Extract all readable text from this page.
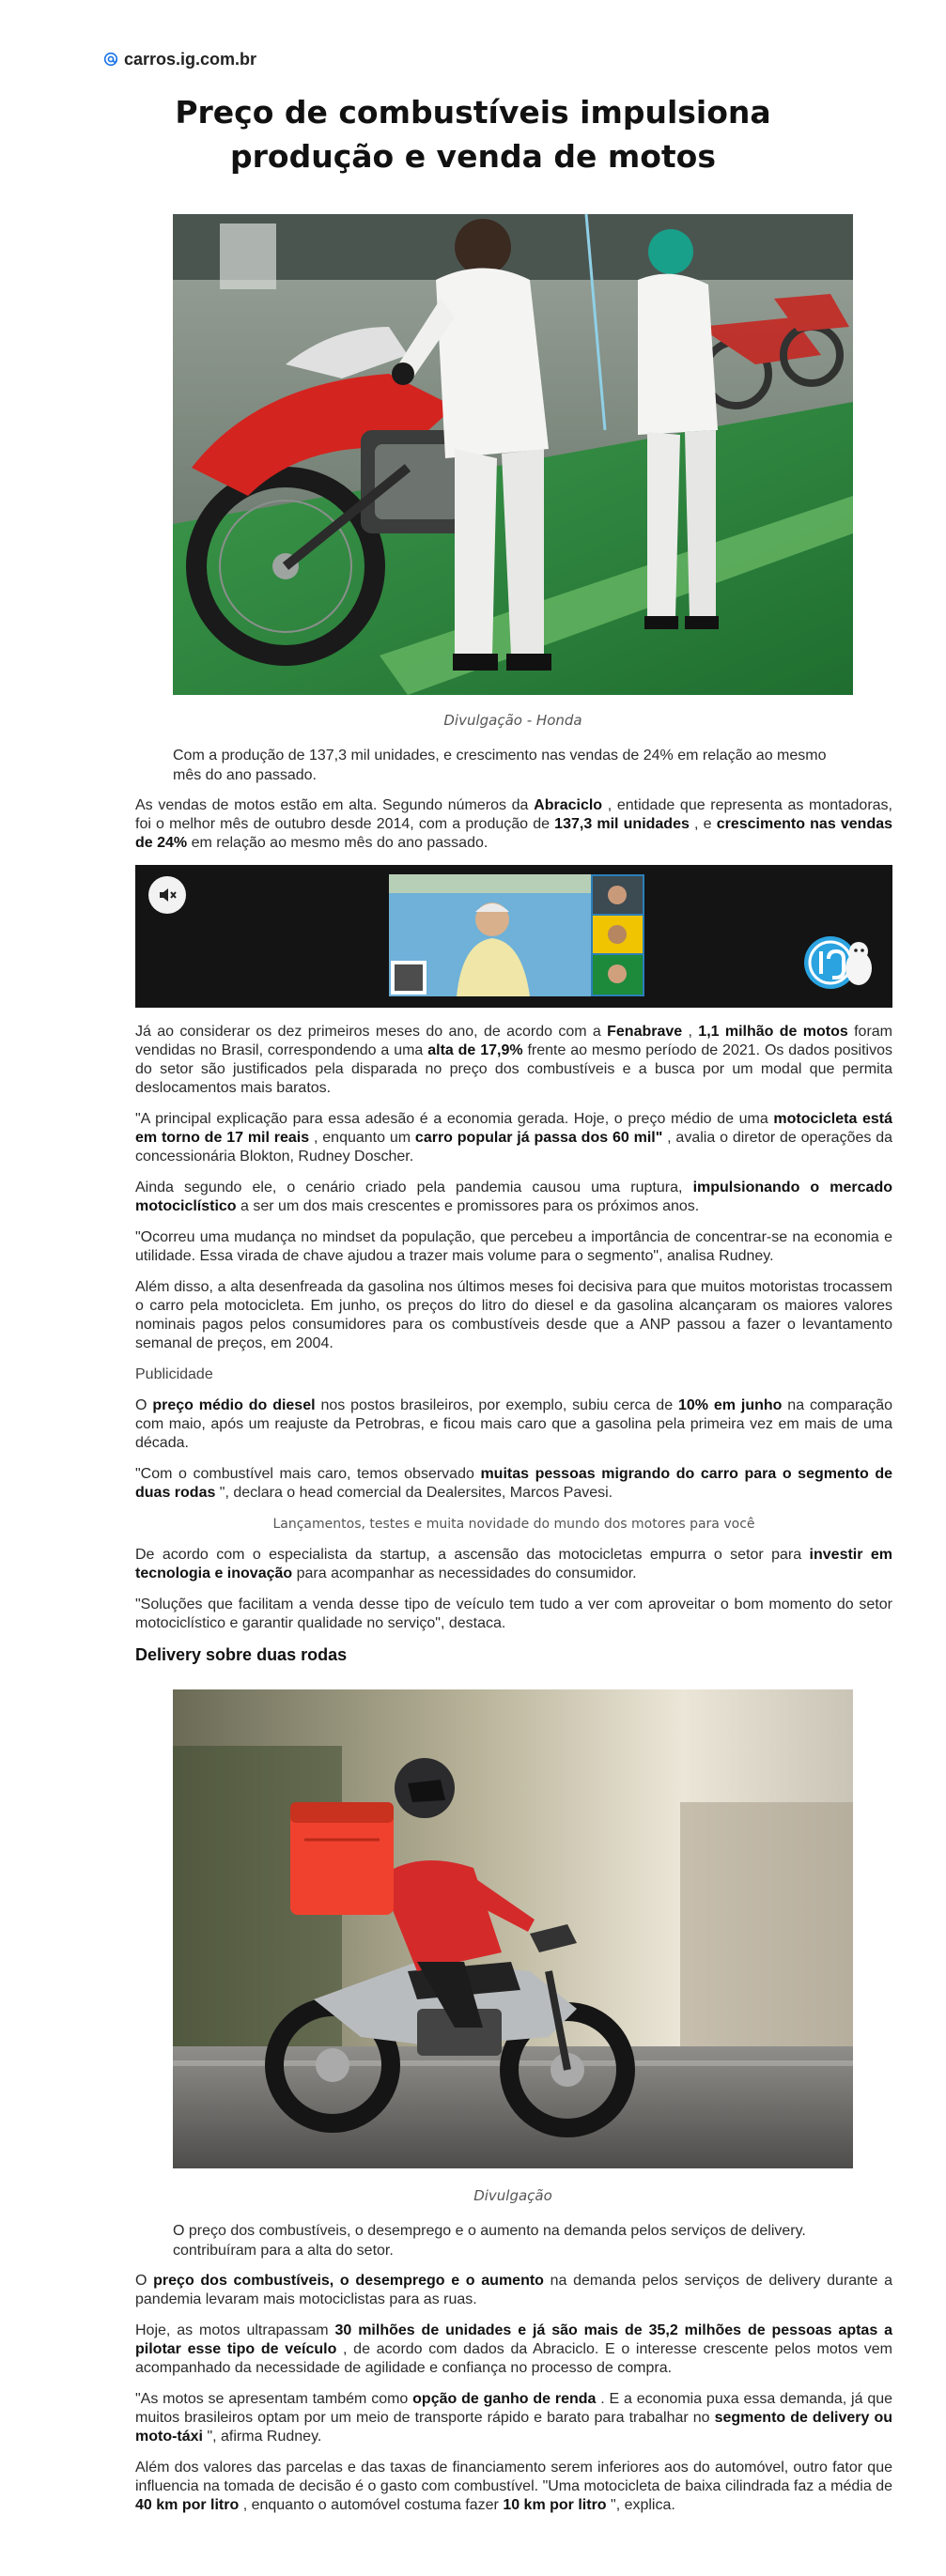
carros.ig.com.br
Preço de combustíveis impulsiona produção e venda de motos
Divulgação - Honda

Com a produção de 137,3 mil unidades, e crescimento nas vendas de 24% em relação ao mesmo mês do ano passado.

As vendas de motos estão em alta. Segundo números da Abraciclo , entidade que representa as montadoras, foi o melhor mês de outubro desde 2014, com a produção de 137,3 mil unidades , e crescimento nas vendas de 24% em relação ao mesmo mês do ano passado.

Já ao considerar os dez primeiros meses do ano, de acordo com a Fenabrave , 1,1 milhão de motos foram vendidas no Brasil, correspondendo a uma alta de 17,9% frente ao mesmo período de 2021. Os dados positivos do setor são justificados pela disparada no preço dos combustíveis e a busca por um modal que permita deslocamentos mais baratos.

"A principal explicação para essa adesão é a economia gerada. Hoje, o preço médio de uma motocicleta está em torno de 17 mil reais , enquanto um carro popular já passa dos 60 mil" , avalia o diretor de operações da concessionária Blokton, Rudney Doscher.

Ainda segundo ele, o cenário criado pela pandemia causou uma ruptura, impulsionando o mercado motociclístico a ser um dos mais crescentes e promissores para os próximos anos.

"Ocorreu uma mudança no mindset da população, que percebeu a importância de concentrar-se na economia e utilidade. Essa virada de chave ajudou a trazer mais volume para o segmento", analisa Rudney.

Além disso, a alta desenfreada da gasolina nos últimos meses foi decisiva para que muitos motoristas trocassem o carro pela motocicleta. Em junho, os preços do litro do diesel e da gasolina alcançaram os maiores valores nominais pagos pelos consumidores para os combustíveis desde que a ANP passou a fazer o levantamento semanal de preços, em 2004.

Publicidade

O preço médio do diesel nos postos brasileiros, por exemplo, subiu cerca de 10% em junho na comparação com maio, após um reajuste da Petrobras, e ficou mais caro que a gasolina pela primeira vez em mais de uma década.

"Com o combustível mais caro, temos observado muitas pessoas migrando do carro para o segmento de duas rodas ", declara o head comercial da Dealersites, Marcos Pavesi.

Lançamentos, testes e muita novidade do mundo dos motores para você

De acordo com o especialista da startup, a ascensão das motocicletas empurra o setor para investir em tecnologia e inovação para acompanhar as necessidades do consumidor.

"Soluções que facilitam a venda desse tipo de veículo tem tudo a ver com aproveitar o bom momento do setor motociclístico e garantir qualidade no serviço", destaca.

Delivery sobre duas rodas
Divulgação

O preço dos combustíveis, o desemprego e o aumento na demanda pelos serviços de delivery. contribuíram para a alta do setor.

O preço dos combustíveis, o desemprego e o aumento na demanda pelos serviços de delivery durante a pandemia levaram mais motociclistas para as ruas.

Hoje, as motos ultrapassam 30 milhões de unidades e já são mais de 35,2 milhões de pessoas aptas a pilotar esse tipo de veículo , de acordo com dados da Abraciclo. E o interesse crescente pelos motos vem acompanhado da necessidade de agilidade e confiança no processo de compra.

"As motos se apresentam também como opção de ganho de renda . E a economia puxa essa demanda, já que muitos brasileiros optam por um meio de transporte rápido e barato para trabalhar no segmento de delivery ou moto-táxi ", afirma Rudney.

Além dos valores das parcelas e das taxas de financiamento serem inferiores aos do automóvel, outro fator que influencia na tomada de decisão é o gasto com combustível. "Uma motocicleta de baixa cilindrada faz a média de 40 km por litro , enquanto o automóvel costuma fazer 10 km por litro ", explica.
